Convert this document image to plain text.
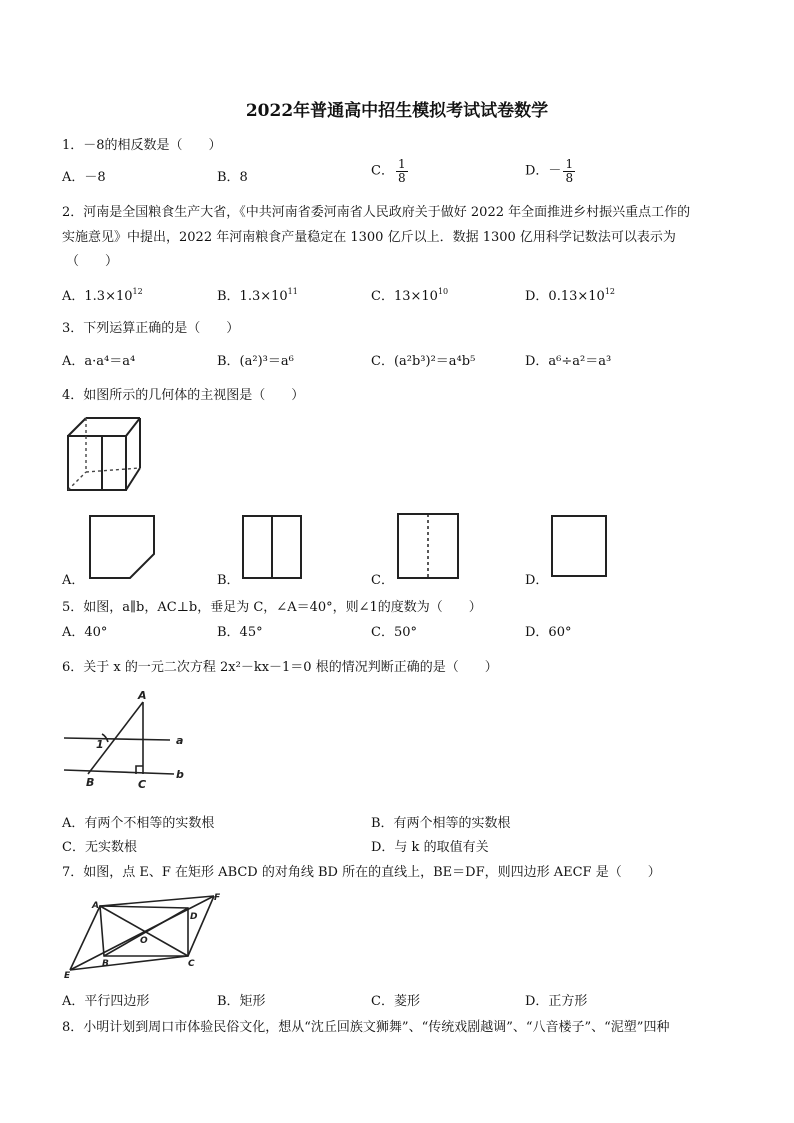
2022年普通高中招生模拟考试试卷数学
1．－8的相反数是（　　）
A．－8	B．8	C． $\frac{1}{8}$	D．－ $\frac{1}{8}$
2．河南是全国粮食生产大省，《中共河南省委河南省人民政府关于做好 2022 年全面推进乡村振兴重点工作的
实施意见》中提出，2022 年河南粮食产量稳定在 1300 亿斤以上．数据 1300 亿用科学记数法可以表示为
（　　）
A．$1.3\times 10^{12}$	B．$1.3\times 10^{11}$	C．$13\times 10^{10}$	D．$0.13\times 10^{12}$
3．下列运算正确的是（　　）
A．a·a⁴＝a⁴	B．(a²)³＝a⁶	C．(a²b³)²＝a⁴b⁵	D．a⁶÷a²＝a³
4．如图所示的几何体的主视图是（　　）
A．	B．	C．	D．
5．如图，a∥b，AC⊥b，垂足为 C，∠A＝40°，则∠1的度数为（　　）
A．40°	B．45°	C．50°	D．60°
6．关于 x 的一元二次方程 2x²－kx－1＝0 根的情况判断正确的是（　　）
A
1	a
B	C
b
A．有两个不相等的实数根	B．有两个相等的实数根
C．无实数根	D．与 k 的取值有关
7．如图，点 E、F 在矩形 ABCD 的对角线 BD 所在的直线上，BE＝DF，则四边形 AECF 是（　　）
A
F
D
O
E
B	C
A．平行四边形	B．矩形	C．菱形	D．正方形
8．小明计划到周口市体验民俗文化，想从“沈丘回族文狮舞”、“传统戏剧越调”、“八音楼子”、“泥塑”四种
